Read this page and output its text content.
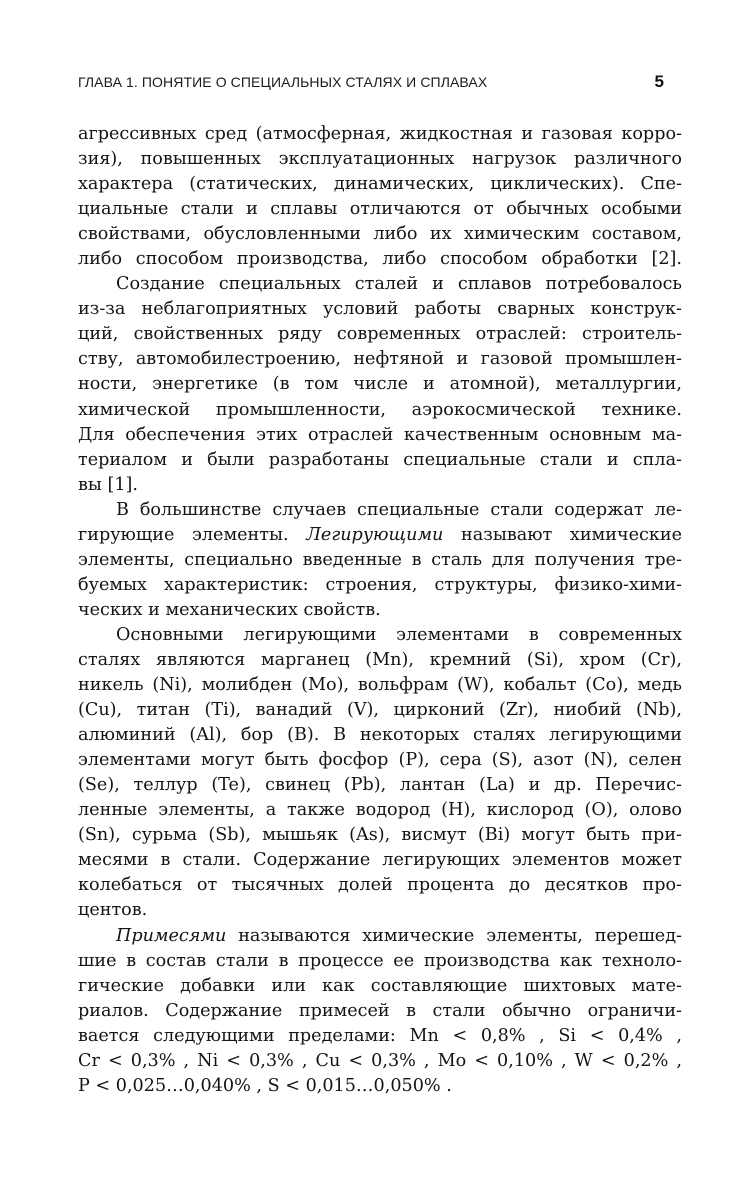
ГЛАВА 1. ПОНЯТИЕ О СПЕЦИАЛЬНЫХ СТАЛЯХ И СПЛАВАХ	5
агрессивных сред (атмосферная, жидкостная и газовая корро-
зия), повышенных эксплуатационных нагрузок различного
характера (статических, динамических, циклических). Спе-
циальные стали и сплавы отличаются от обычных особыми
свойствами, обусловленными либо их химическим составом,
либо способом производства, либо способом обработки [2].
Создание специальных сталей и сплавов потребовалось
из-за неблагоприятных условий работы сварных конструк-
ций, свойственных ряду современных отраслей: строитель-
ству, автомобилестроению, нефтяной и газовой промышлен-
ности, энергетике (в том числе и атомной), металлургии,
химической промышленности, аэрокосмической технике.
Для обеспечения этих отраслей качественным основным ма-
териалом и были разработаны специальные стали и спла-
вы [1].
В большинстве случаев специальные стали содержат ле-
гирующие элементы. Легирующими называют химические
элементы, специально введенные в сталь для получения тре-
буемых характеристик: строения, структуры, физико-хими-
ческих и механических свойств.
Основными легирующими элементами в современных
сталях являются марганец (Mn), кремний (Si), хром (Cr),
никель (Ni), молибден (Mo), вольфрам (W), кобальт (Co), медь
(Cu), титан (Ti), ванадий (V), цирконий (Zr), ниобий (Nb),
алюминий (Al), бор (B). В некоторых сталях легирующими
элементами могут быть фосфор (P), сера (S), азот (N), селен
(Se), теллур (Te), свинец (Pb), лантан (La) и др. Перечис-
ленные элементы, а также водород (H), кислород (O), олово
(Sn), сурьма (Sb), мышьяк (As), висмут (Bi) могут быть при-
месями в стали. Содержание легирующих элементов может
колебаться от тысячных долей процента до десятков про-
центов.
Примесями называются химические элементы, перешед-
шие в состав стали в процессе ее производства как техноло-
гические добавки или как составляющие шихтовых мате-
риалов. Содержание примесей в стали обычно ограничи-
вается следующими пределами: Mn < 0,8% , Si < 0,4% ,
Cr < 0,3% , Ni < 0,3% , Cu < 0,3% , Mo < 0,10% , W < 0,2% ,
P < 0,025…0,040% , S < 0,015…0,050% .
